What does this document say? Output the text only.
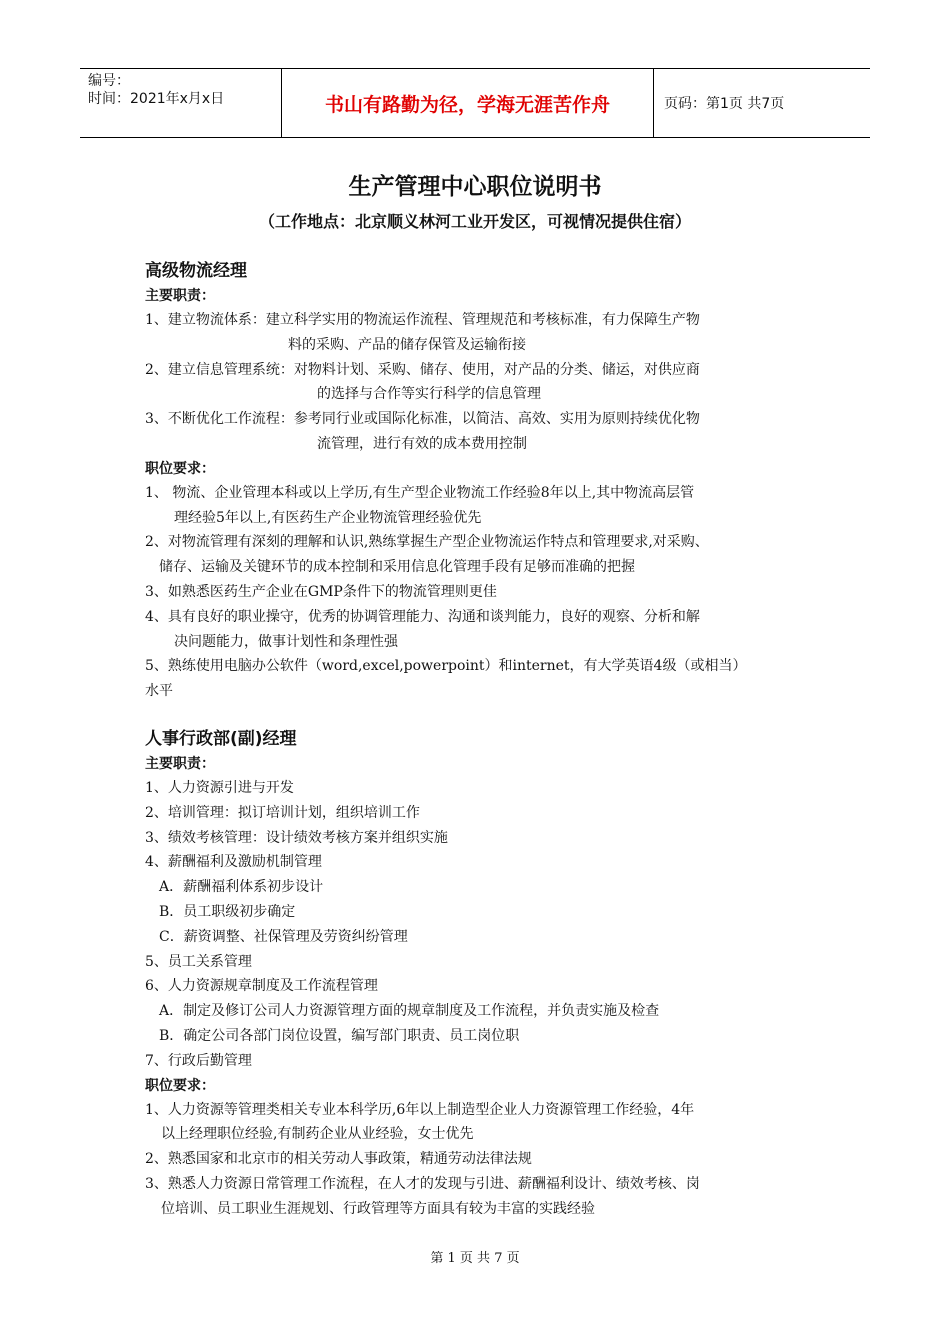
编号：
时间：2021年x月x日	书山有路勤为径，学海无涯苦作舟	页码：第1页 共7页
生产管理中心职位说明书
（工作地点：北京顺义林河工业开发区，可视情况提供住宿）
高级物流经理
主要职责：
1、建立物流体系：建立科学实用的物流运作流程、管理规范和考核标准，有力保障生产物
料的采购、产品的储存保管及运输衔接
2、建立信息管理系统：对物料计划、采购、储存、使用，对产品的分类、储运，对供应商
的选择与合作等实行科学的信息管理
3、不断优化工作流程：参考同行业或国际化标准，以简洁、高效、实用为原则持续优化物
流管理，进行有效的成本费用控制
职位要求：
1、 物流、企业管理本科或以上学历,有生产型企业物流工作经验8年以上,其中物流高层管
理经验5年以上,有医药生产企业物流管理经验优先
2、对物流管理有深刻的理解和认识,熟练掌握生产型企业物流运作特点和管理要求,对采购、
储存、运输及关键环节的成本控制和采用信息化管理手段有足够而准确的把握
3、如熟悉医药生产企业在GMP条件下的物流管理则更佳
4、具有良好的职业操守，优秀的协调管理能力、沟通和谈判能力，良好的观察、分析和解
决问题能力，做事计划性和条理性强
5、熟练使用电脑办公软件（word,excel,powerpoint）和internet，有大学英语4级（或相当）
水平
人事行政部(副)经理
主要职责：
1、人力资源引进与开发
2、培训管理：拟订培训计划，组织培训工作
3、绩效考核管理：设计绩效考核方案并组织实施
4、薪酬福利及激励机制管理
A．薪酬福利体系初步设计
B．员工职级初步确定
C．薪资调整、社保管理及劳资纠纷管理
5、员工关系管理
6、人力资源规章制度及工作流程管理
A．制定及修订公司人力资源管理方面的规章制度及工作流程，并负责实施及检查
B．确定公司各部门岗位设置，编写部门职责、员工岗位职
7、行政后勤管理
职位要求：
1、人力资源等管理类相关专业本科学历,6年以上制造型企业人力资源管理工作经验，4年
以上经理职位经验,有制药企业从业经验，女士优先
2、熟悉国家和北京市的相关劳动人事政策，精通劳动法律法规
3、熟悉人力资源日常管理工作流程，在人才的发现与引进、薪酬福利设计、绩效考核、岗
位培训、员工职业生涯规划、行政管理等方面具有较为丰富的实践经验
第 1 页 共 7 页
